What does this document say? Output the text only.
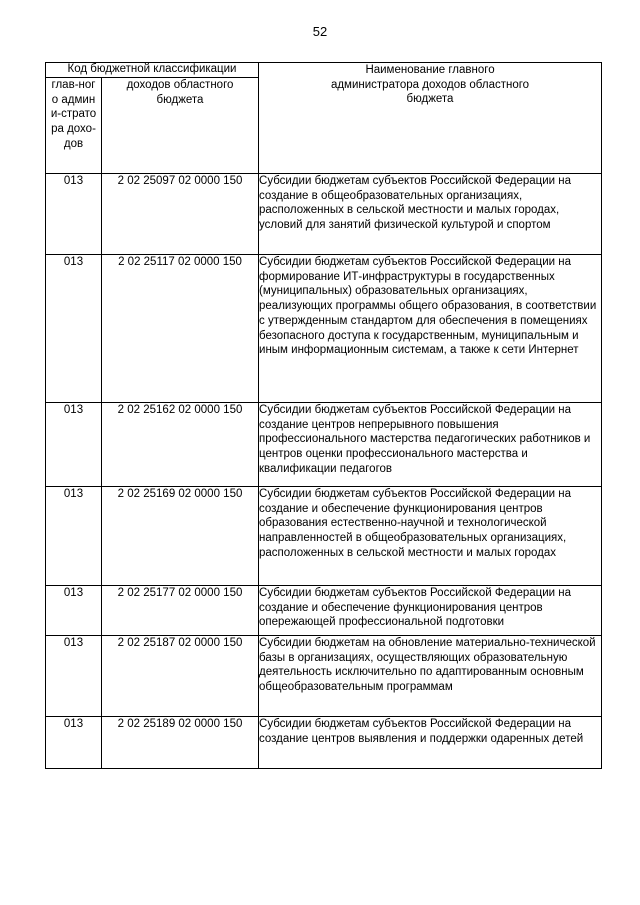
52
Код бюджетной классификации		Наименование главного администратора доходов областного бюджета
глав-ного админи-стратора дохо-дов	доходов областного бюджета	
013	2 02 25097 02 0000 150	Субсидии бюджетам субъектов Российской Федерации на создание в общеобразовательных организациях, расположенных в сельской местности и малых городах, условий для занятий физической культурой и спортом
013	2 02 25117 02 0000 150	Субсидии бюджетам субъектов Российской Федерации на формирование ИТ-инфраструктуры в государственных (муниципальных) образовательных организациях, реализующих программы общего образования, в соответствии с утвержденным стандартом для обеспечения в помещениях безопасного доступа к государственным, муниципальным и иным информационным системам, а также к сети Интернет
013	2 02 25162 02 0000 150	Субсидии бюджетам субъектов Российской Федерации на создание центров непрерывного повышения профессионального мастерства педагогических работников и центров оценки профессионального мастерства и квалификации педагогов
013	2 02 25169 02 0000 150	Субсидии бюджетам субъектов Российской Федерации на создание и обеспечение функционирования центров образования естественно-научной и технологической направленностей в общеобразовательных организациях, расположенных в сельской местности и малых городах
013	2 02 25177 02 0000 150	Субсидии бюджетам субъектов Российской Федерации на создание и обеспечение функционирования центров опережающей профессиональной подготовки
013	2 02 25187 02 0000 150	Субсидии бюджетам на обновление материально-технической базы в организациях, осуществляющих образовательную деятельность исключительно по адаптированным основным общеобразовательным программам
013	2 02 25189 02 0000 150	Субсидии бюджетам субъектов Российской Федерации на создание центров выявления и поддержки одаренных детей
